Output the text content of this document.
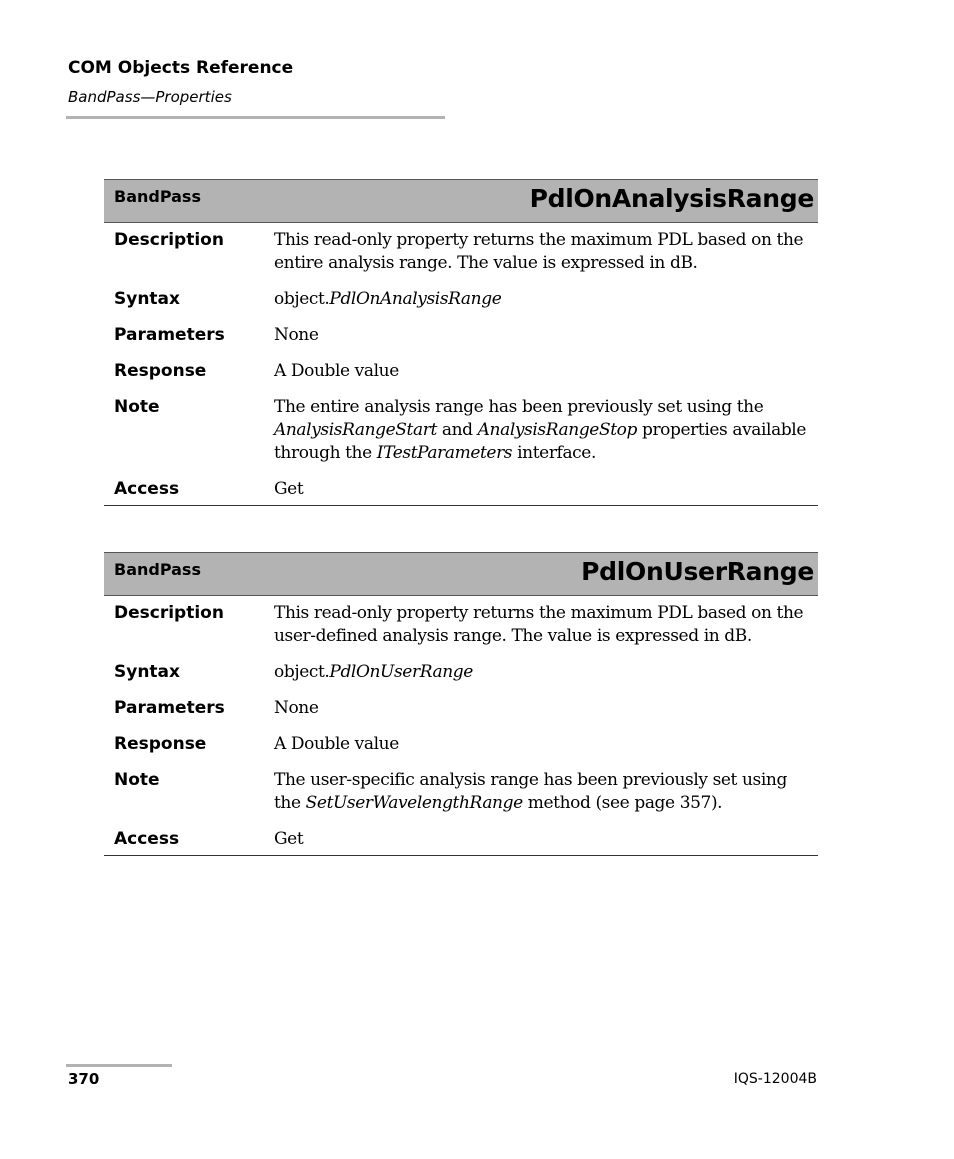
COM Objects Reference
BandPass—Properties
BandPass	PdlOnAnalysisRange
Description	This read-only property returns the maximum PDL based on the entire analysis range. The value is expressed in dB.
Syntax	object.PdlOnAnalysisRange
Parameters	None
Response	A Double value
Note	The entire analysis range has been previously set using the AnalysisRangeStart and AnalysisRangeStop properties available through the ITestParameters interface.
Access	Get
BandPass	PdlOnUserRange
Description	This read-only property returns the maximum PDL based on the user-defined analysis range. The value is expressed in dB.
Syntax	object.PdlOnUserRange
Parameters	None
Response	A Double value
Note	The user-specific analysis range has been previously set using the SetUserWavelengthRange method (see page 357).
Access	Get
370	IQS-12004B
